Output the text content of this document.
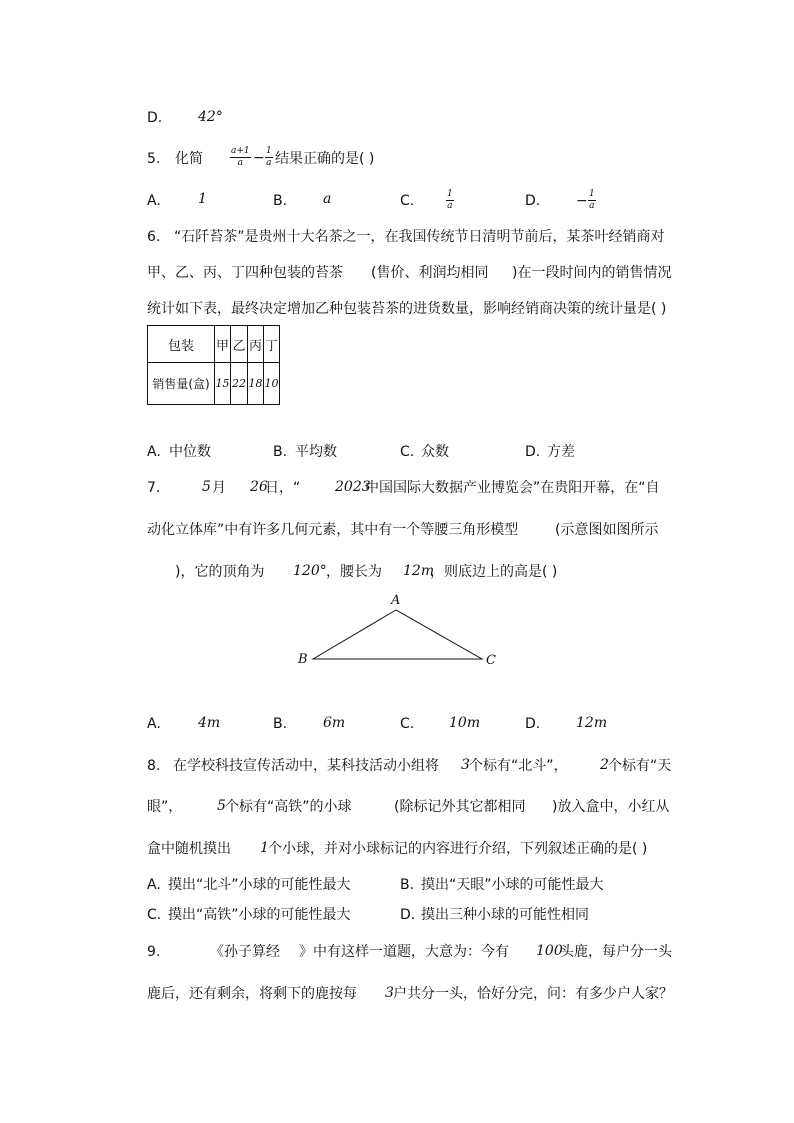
D.	42°
5. 化简	$\frac{a+1}{a} - \frac{1}{a}$ 结果正确的是( )
A.	1	B.	a	C.	$\frac{1}{a}$	D.	− $\frac{1}{a}$
6. “石阡苔茶”是贵州十大名茶之一，在我国传统节日清明节前后，某茶叶经销商对
甲、乙、丙、丁四种包装的苔茶 (售价、利润均相同 )在一段时间内的销售情况
统计如下表，最终决定增加乙种包装苔茶的进货数量，影响经销商决策的统计量是( )
包装	甲	乙	丙	丁
销售量(盒)	15	22	18	10
A. 中位数	B. 平均数	C. 众数	D. 方差
7.	5 月 26
日，“ 2023
中国国际大数据产业博览会”在贵阳开幕，在“自
动化立体库”中有许多几何元素，其中有一个等腰三角形模型	(示意图如图所示
)，它的顶角为 120° ，腰长为 12m
，则底边上的高是( )
A
B	C
A.	4m	B.	6m	C. 10m	D.	12m
8. 在学校科技宣传活动中，某科技活动小组将 3 个标有“北斗”， 2 个标有“天
眼”， 5 个标有“高铁”的小球	(除标记外其它都相同 )放入盒中，小红从
盒中随机摸出 1 个小球，并对小球标记的内容进行介绍，下列叙述正确的是( )
A. 摸出“北斗”小球的可能性最大	B. 摸出“天眼”小球的可能性最大
C. 摸出“高铁”小球的可能性最大	D. 摸出三种小球的可能性相同
9.	《孙子算经 》中有这样一道题，大意为：今有 100
头鹿，每户分一头
鹿后，还有剩余，将剩下的鹿按每 3 户共分一头，恰好分完，问：有多少户人家？
